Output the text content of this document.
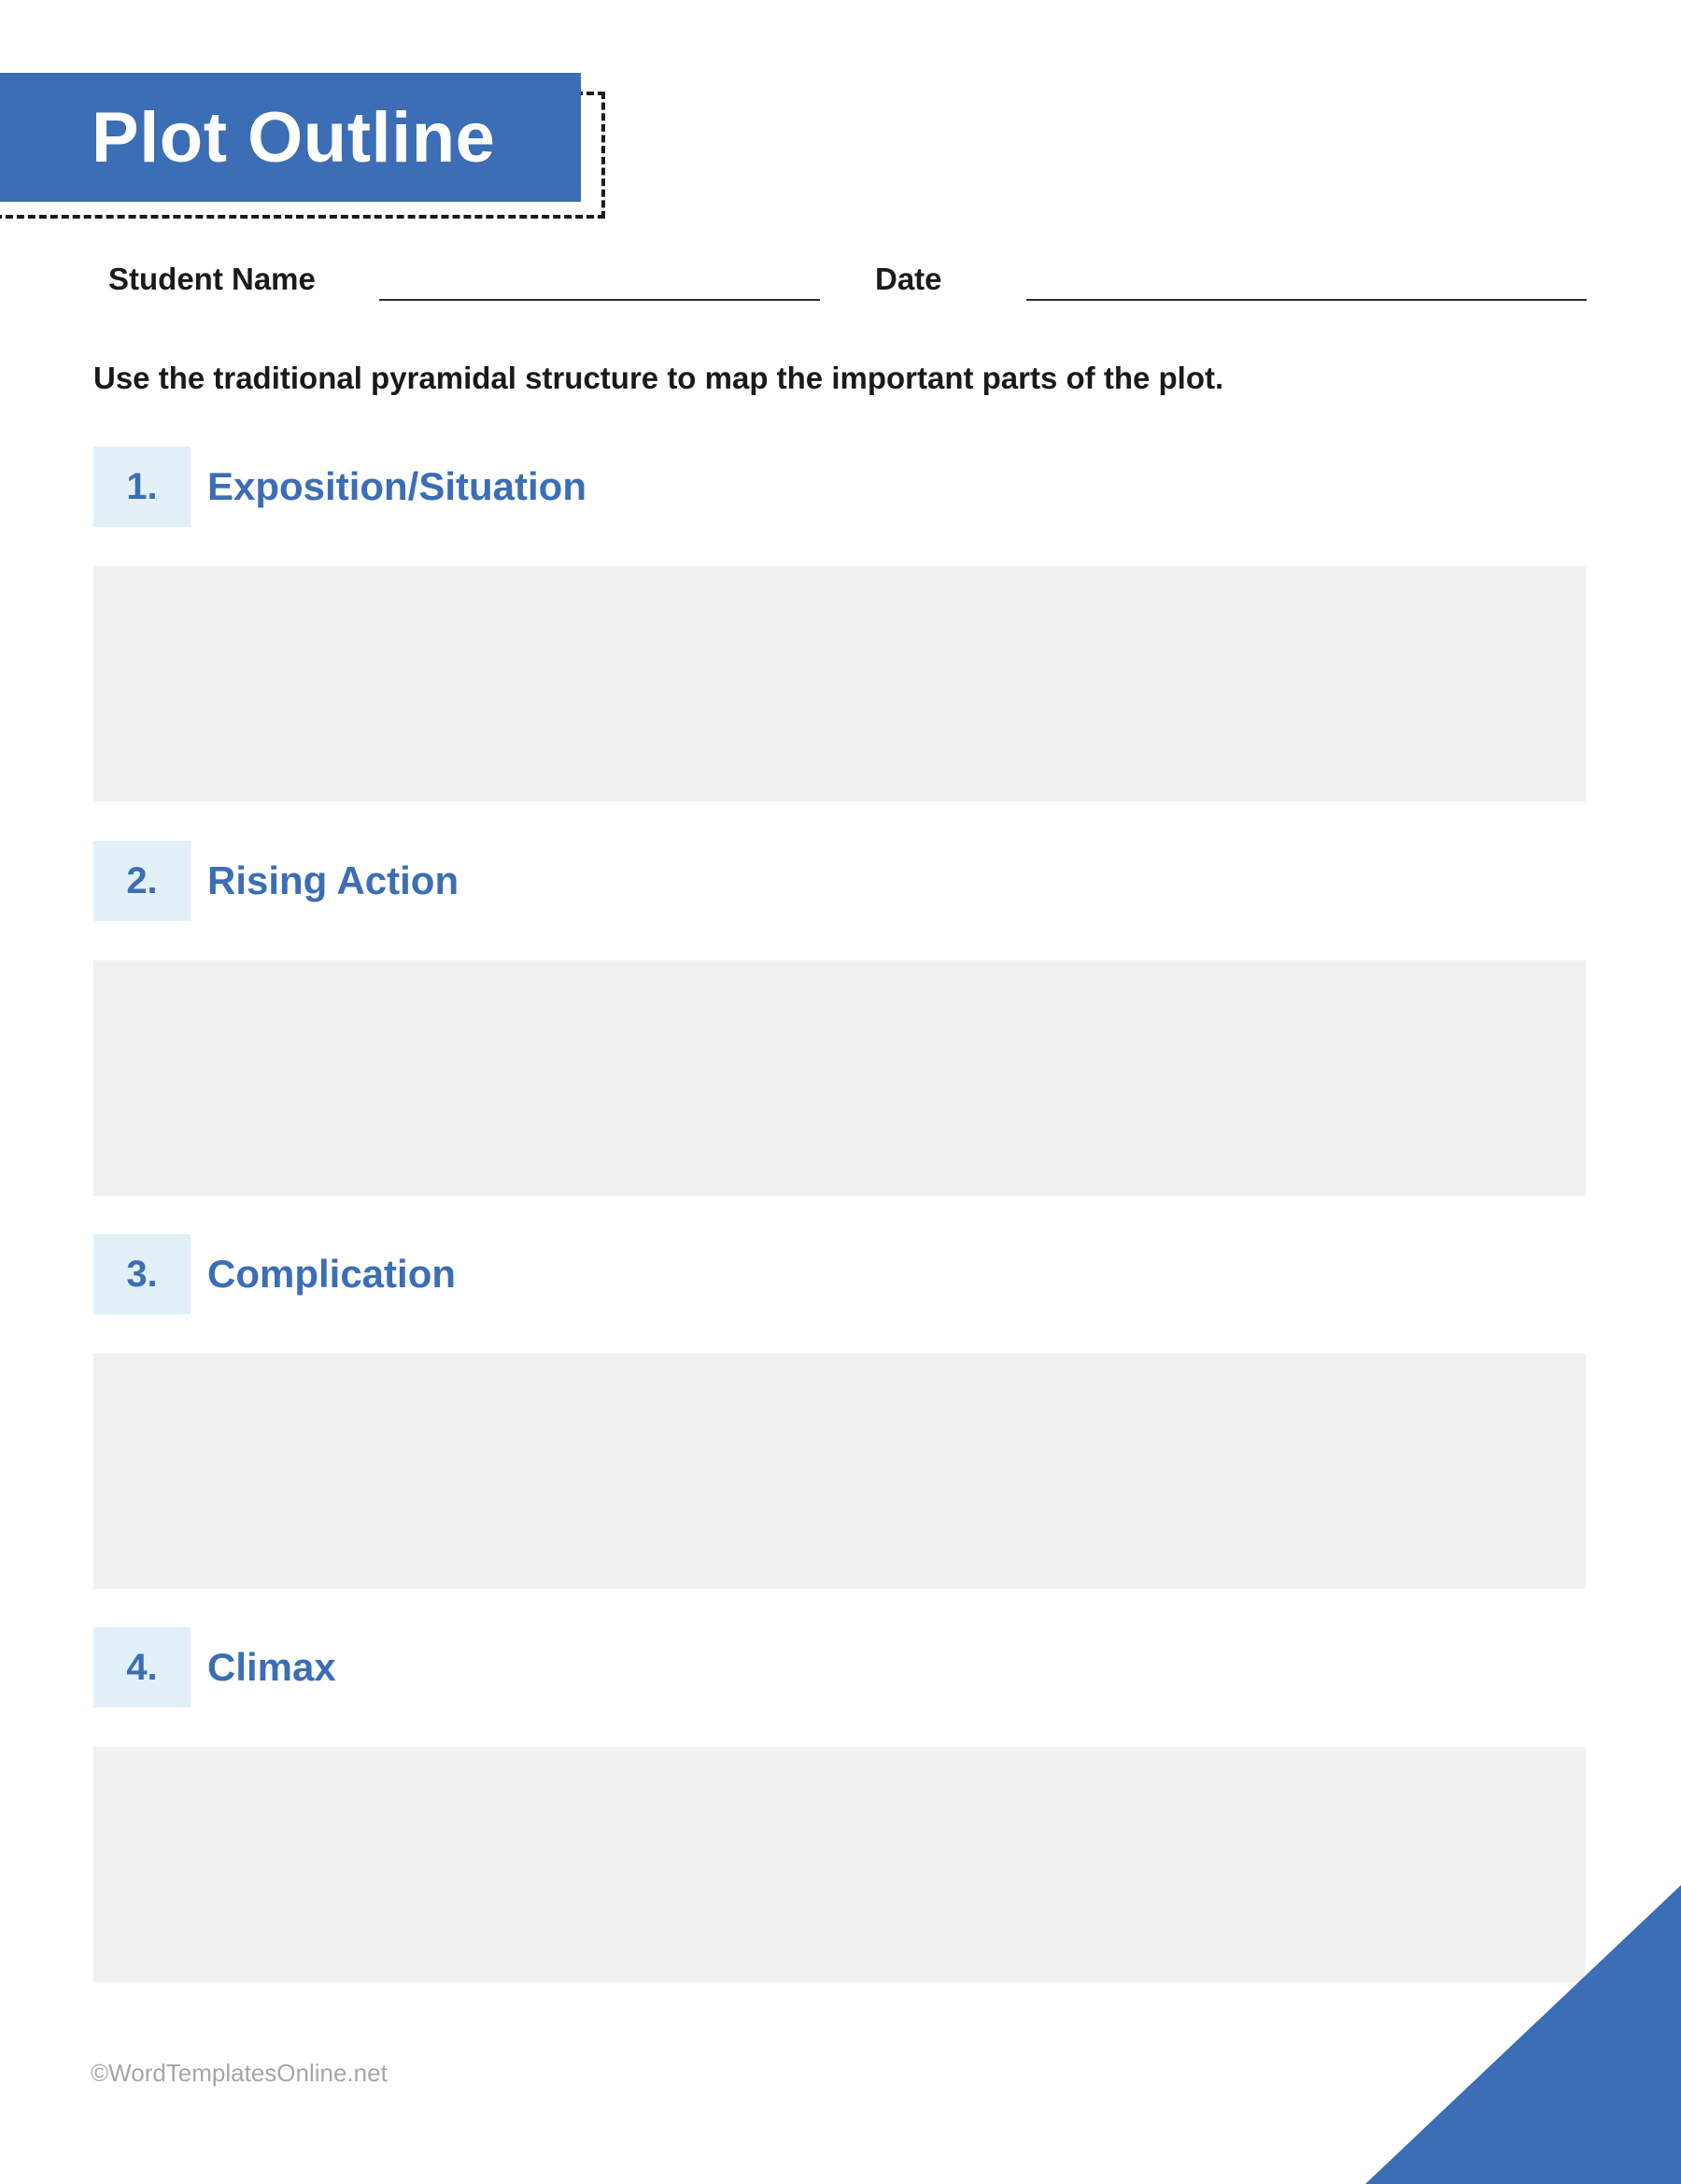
Plot Outline
Student Name	Date
Use the traditional pyramidal structure to map the important parts of the plot.
1.	Exposition/Situation
2.	Rising Action
3.	Complication
4.	Climax
©WordTemplatesOnline.net
